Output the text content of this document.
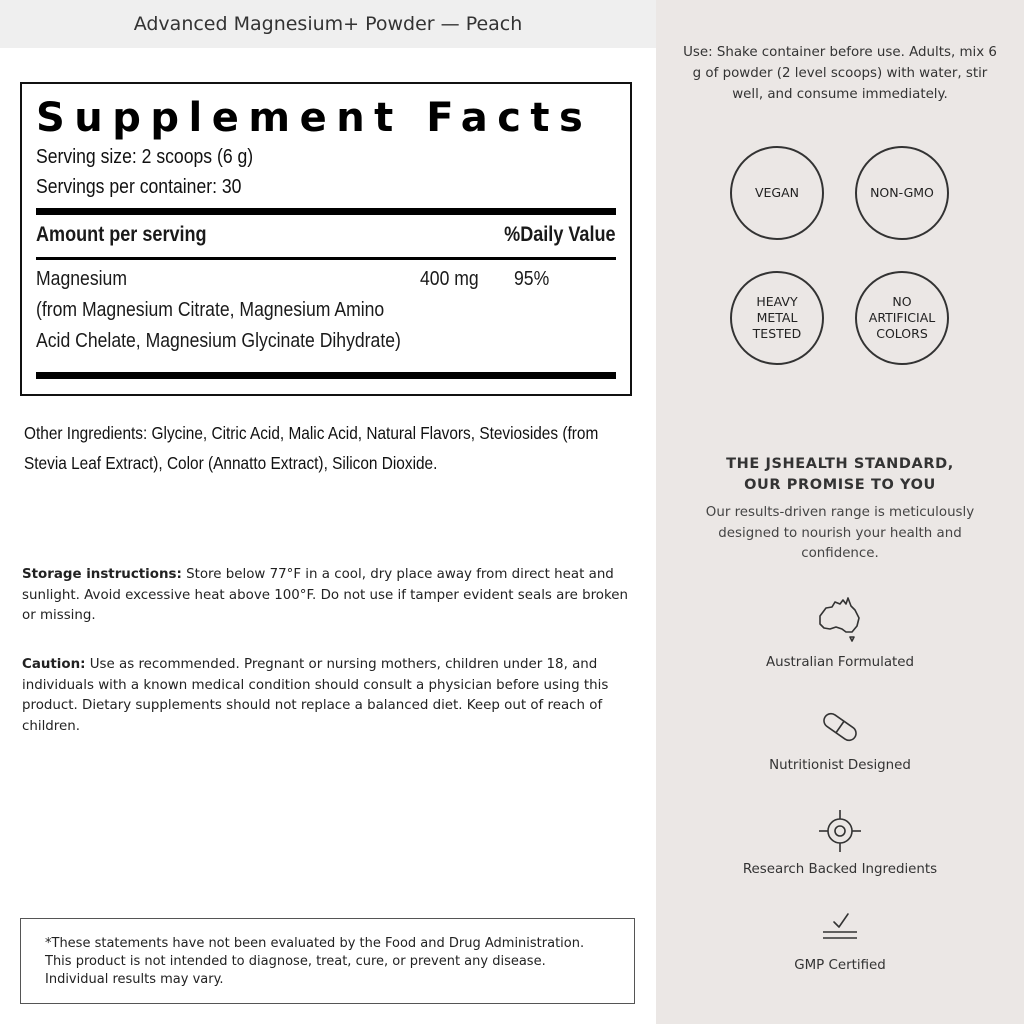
Advanced Magnesium+ Powder — Peach
Supplement Facts
Serving size: 2 scoops (6 g)
Servings per container: 30
Amount per serving	%Daily Value
Magnesium
(from Magnesium Citrate, Magnesium Amino
Acid Chelate, Magnesium Glycinate Dihydrate)
400 mg 95%
Other Ingredients: Glycine, Citric Acid, Malic Acid, Natural Flavors, Steviosides (from Stevia Leaf Extract), Color (Annatto Extract), Silicon Dioxide.
Storage instructions: Store below 77°F in a cool, dry place away from direct heat and sunlight. Avoid excessive heat above 100°F. Do not use if tamper evident seals are broken or missing.
Caution: Use as recommended. Pregnant or nursing mothers, children under 18, and individuals with a known medical condition should consult a physician before using this product. Dietary supplements should not replace a balanced diet. Keep out of reach of children.
*These statements have not been evaluated by the Food and Drug Administration. This product is not intended to diagnose, treat, cure, or prevent any disease. Individual results may vary.
Use: Shake container before use. Adults, mix 6 g of powder (2 level scoops) with water, stir well, and consume immediately.
VEGAN	NON-GMO
HEAVY METAL TESTED
NO ARTIFICIAL COLORS
THE JSHEALTH STANDARD, OUR PROMISE TO YOU
Our results-driven range is meticulously designed to nourish your health and confidence.
Australian Formulated
Nutritionist Designed
Research Backed Ingredients
GMP Certified
